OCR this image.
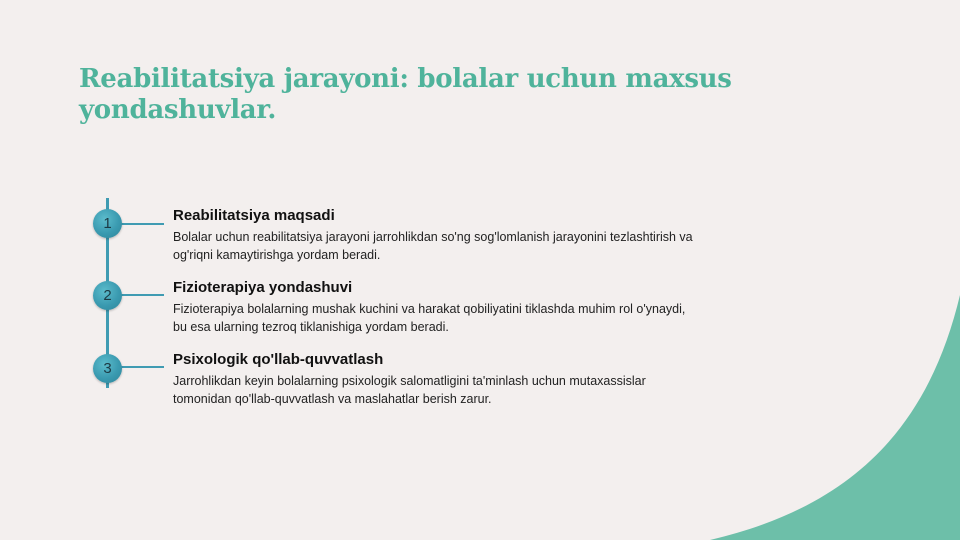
Reabilitatsiya jarayoni: bolalar uchun maxsus yondashuvlar.
1
2
3

Reabilitatsiya maqsadi

Bolalar uchun reabilitatsiya jarayoni jarrohlikdan so'ng sog'lomlanish jarayonini tezlashtirish va og'riqni kamaytirishga yordam beradi.

Fizioterapiya yondashuvi

Fizioterapiya bolalarning mushak kuchini va harakat qobiliyatini tiklashda muhim rol o'ynaydi, bu esa ularning tezroq tiklanishiga yordam beradi.

Psixologik qo'llab-quvvatlash

Jarrohlikdan keyin bolalarning psixologik salomatligini ta'minlash uchun mutaxassislar tomonidan qo'llab-quvvatlash va maslahatlar berish zarur.
